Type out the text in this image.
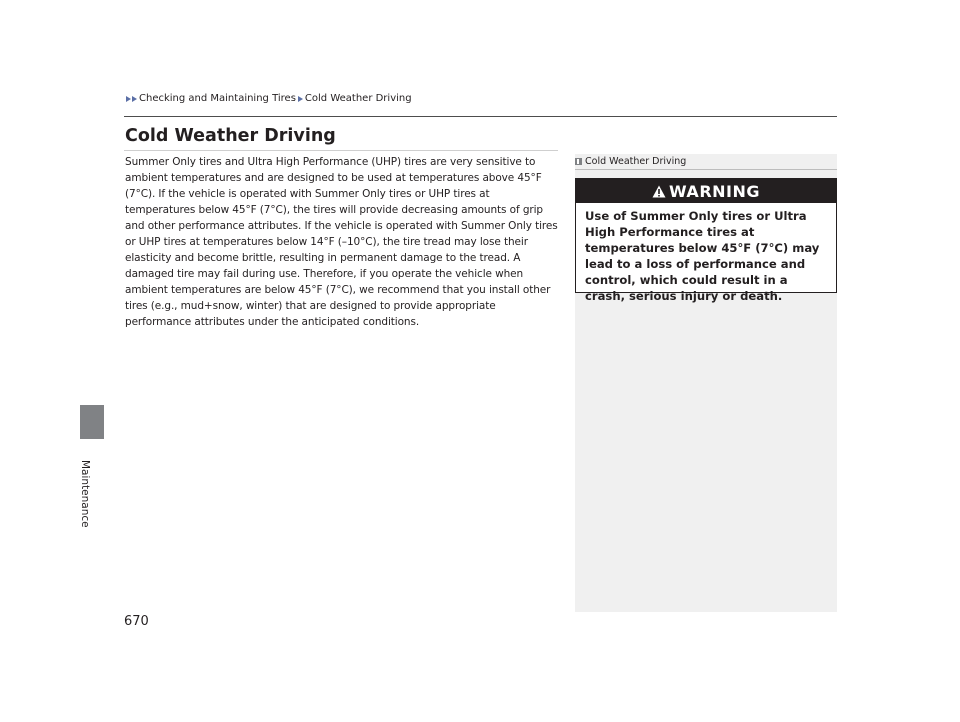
Maintenance
Checking and Maintaining Tires Cold Weather Driving
Cold Weather Driving

Summer Only tires and Ultra High Performance (UHP) tires are very sensitive to ambient temperatures and are designed to be used at temperatures above 45°F (7°C). If the vehicle is operated with Summer Only tires or UHP tires at temperatures below 45°F (7°C), the tires will provide decreasing amounts of grip and other performance attributes. If the vehicle is operated with Summer Only tires or UHP tires at temperatures below 14°F (–10°C), the tire tread may lose their elasticity and become brittle, resulting in permanent damage to the tread. A damaged tire may fail during use. Therefore, if you operate the vehicle when ambient temperatures are below 45°F (7°C), we recommend that you install other tires (e.g., mud+snow, winter) that are designed to provide appropriate performance attributes under the anticipated conditions.

Cold Weather Driving
WARNING

Use of Summer Only tires or Ultra High Performance tires at temperatures below 45°F (7°C) may lead to a loss of performance and control, which could result in a crash, serious injury or death.

670
